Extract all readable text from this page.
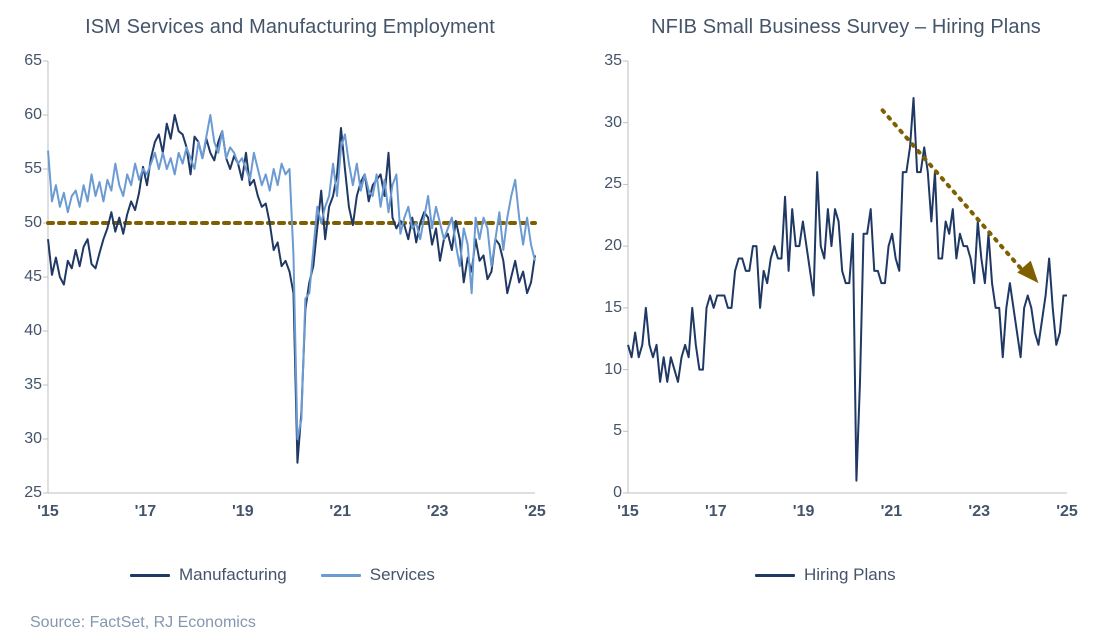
ISM Services and Manufacturing Employment
25
30
35
40
45
50
55
60
65
'15	'17	'19	'21	'23	'25
Manufacturing	Services
NFIB Small Business Survey – Hiring Plans
0
5
10
15
20
25
30
35
'15	'17	'19	'21	'23	'25
Hiring Plans
Source: FactSet, RJ Economics
